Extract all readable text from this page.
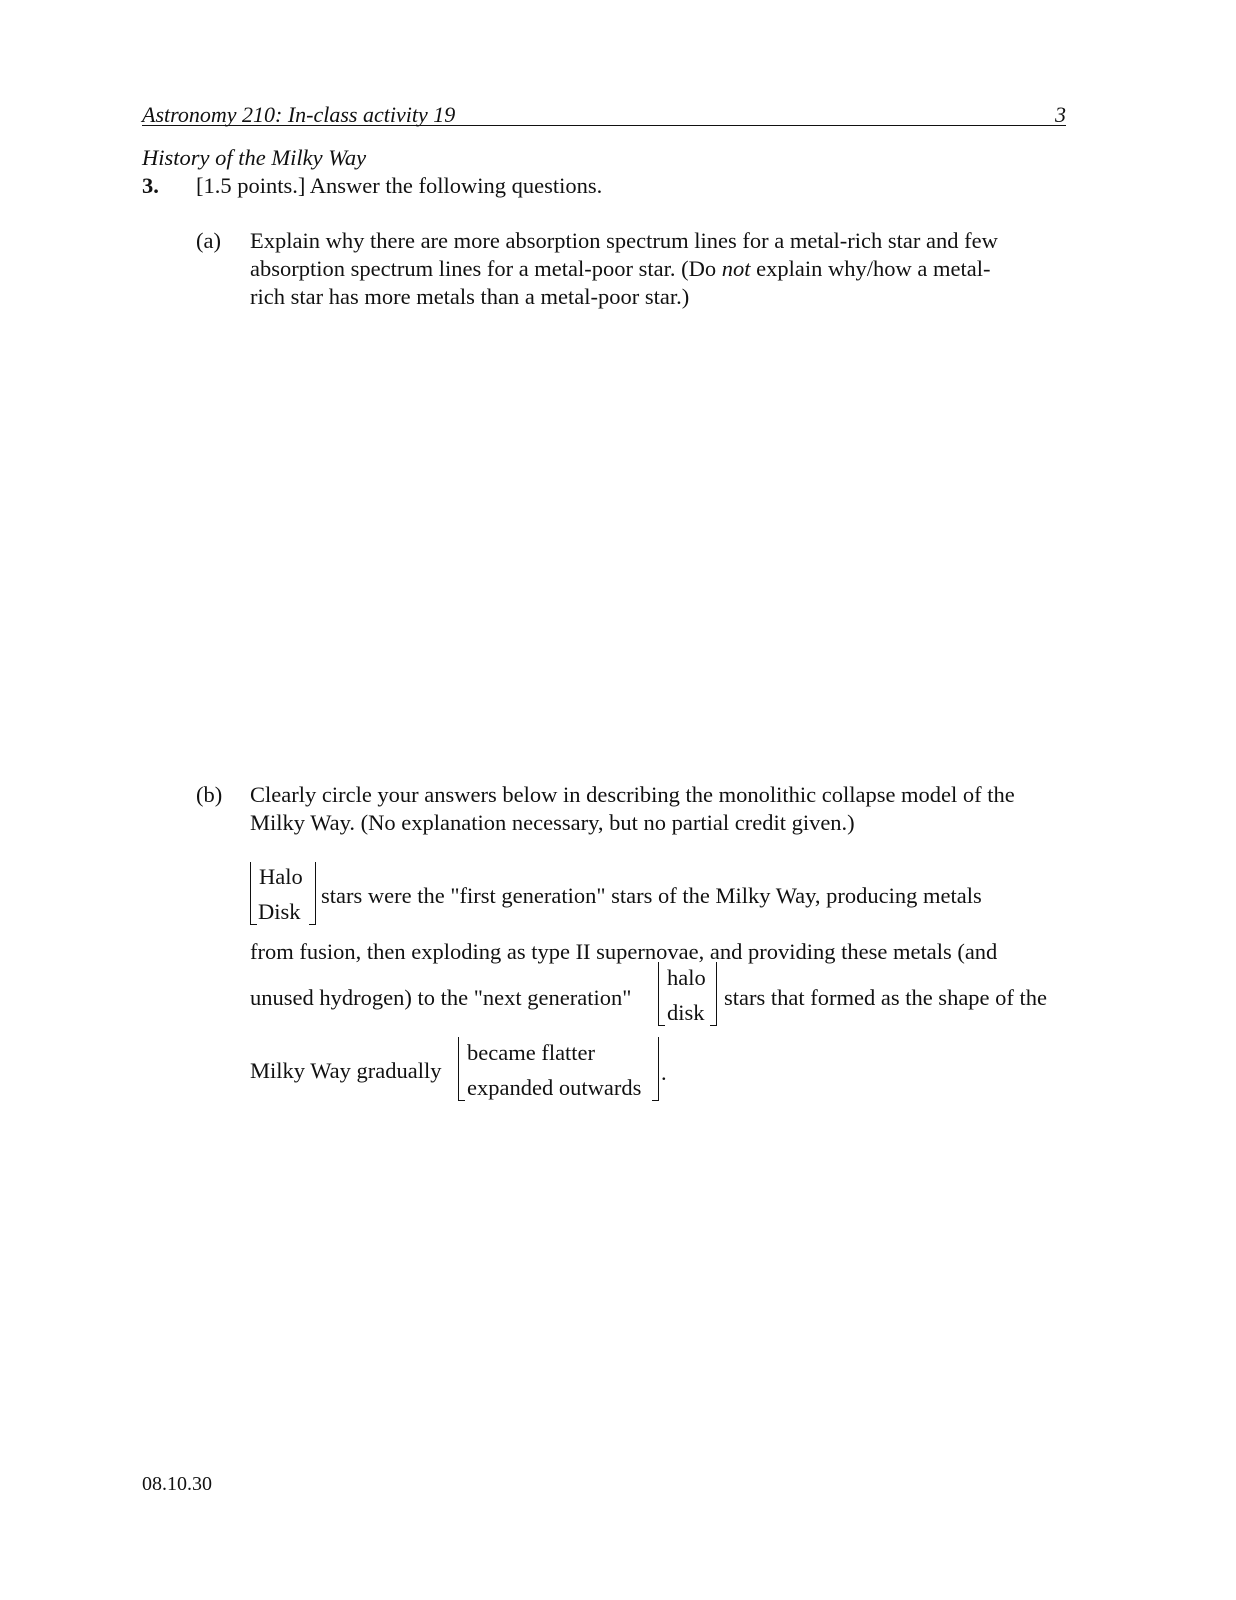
Astronomy 210: In-class activity 19	3
History of the Milky Way
3. [1.5 points.] Answer the following questions.
(a) Explain why there are more absorption spectrum lines for a metal-rich star and few
absorption spectrum lines for a metal-poor star. (Do not explain why/how a metal-
rich star has more metals than a metal-poor star.)
(b) Clearly circle your answers below in describing the monolithic collapse model of the
Milky Way. (No explanation necessary, but no partial credit given.)
Halo
Disk
stars were the "first generation" stars of the Milky Way, producing metals
from fusion, then exploding as type II supernovae, and providing these metals (and
unused hydrogen) to the "next generation"
halo
disk
stars that formed as the shape of the
Milky Way gradually
became flatter
expanded outwards
.
08.10.30
